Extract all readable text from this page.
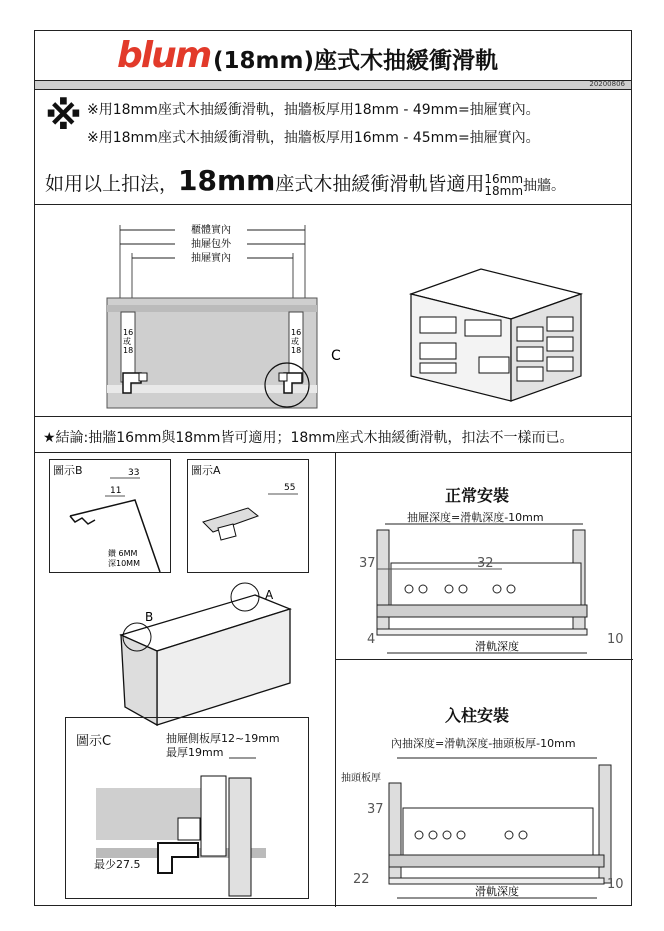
blum (18mm)座式木抽緩衝滑軌
20200806
※ ※用18mm座式木抽緩衝滑軌，抽牆板厚用18mm - 49mm=抽屜實內。
※用18mm座式木抽緩衝滑軌，抽牆板厚用16mm - 45mm=抽屜實內。
如用以上扣法，18mm座式木抽緩衝滑軌皆適用16mm
18mm抽牆。
櫃體實內
抽屜包外
抽屜實內
16
或
18
16
或
18 C
★結論:抽牆16mm與18mm皆可適用；18mm座式木抽緩衝滑軌，扣法不一樣而已。
圖示B	33
11
鑽 6MM
深10MM
圖示A
55
B
A
圖示C	抽屜側板厚12~19mm
最厚19mm
最少27.5
正常安裝
抽屜深度=滑軌深度-10mm
37	32
4	10
滑軌深度
入柱安裝
內抽深度=滑軌深度-抽頭板厚-10mm
抽頭板厚
37
22	10
滑軌深度
